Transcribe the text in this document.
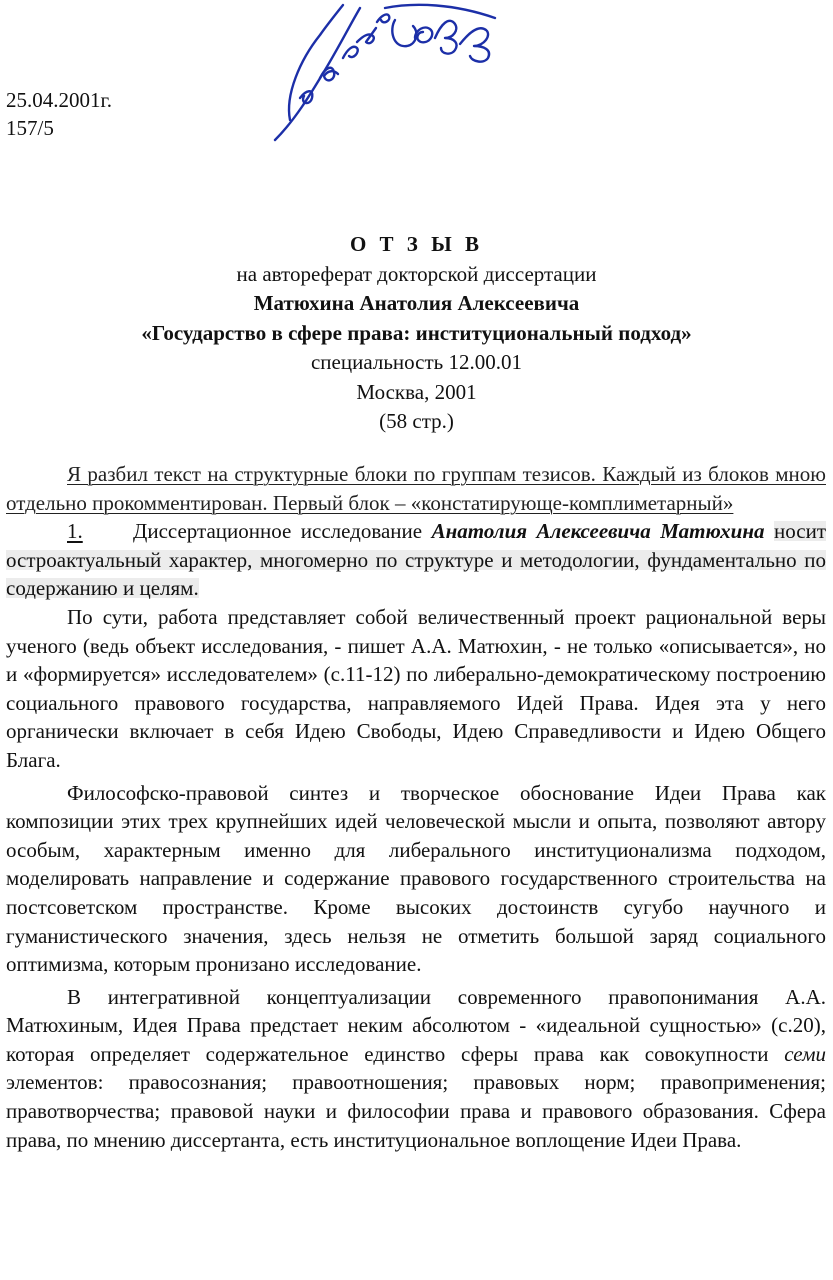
25.04.2001г.
157/5
О Т З Ы В
на автореферат докторской диссертации
Матюхина Анатолия Алексеевича
«Государство в сфере права: институциональный подход»
специальность 12.00.01
Москва, 2001
(58 стр.)

Я разбил текст на структурные блоки по группам тезисов. Каждый из блоков мною отдельно прокомментирован. Первый блок – «констатирующе-комплиметарный»

1. Диссертационное исследование Анатолия Алексеевича Матюхина носит остроактуальный характер, многомерно по структуре и методологии, фундаментально по содержанию и целям.

По сути, работа представляет собой величественный проект рациональной веры ученого (ведь объект исследования, - пишет А.А. Матюхин, - не только «описывается», но и «формируется» исследователем» (с.11-12) по либерально-демократическому построению социального правового государства, направляемого Идей Права. Идея эта у него органически включает в себя Идею Свободы, Идею Справедливости и Идею Общего Блага.

Философско-правовой синтез и творческое обоснование Идеи Права как композиции этих трех крупнейших идей человеческой мысли и опыта, позволяют автору особым, характерным именно для либерального институционализма подходом, моделировать направление и содержание правового государственного строительства на постсоветском пространстве. Кроме высоких достоинств сугубо научного и гуманистического значения, здесь нельзя не отметить большой заряд социального оптимизма, которым пронизано исследование.

В интегративной концептуализации современного правопонимания А.А. Матюхиным, Идея Права предстает неким абсолютом - «идеальной сущностью» (с.20), которая определяет содержательное единство сферы права как совокупности семи элементов: правосознания; правоотношения; правовых норм; правоприменения; правотворчества; правовой науки и философии права и правового образования. Сфера права, по мнению диссертанта, есть институциональное воплощение Идеи Права.
